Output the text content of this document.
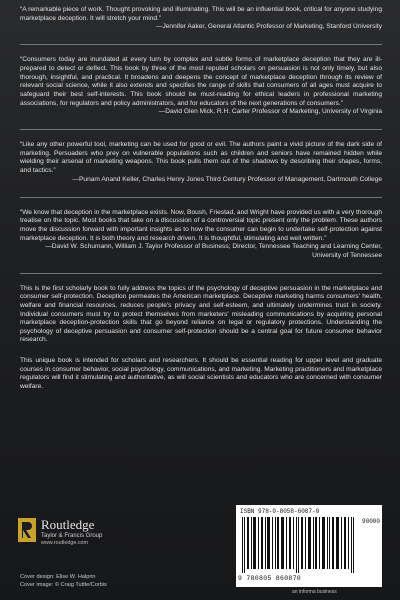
“A remarkable piece of work. Thought provoking and illuminating. This will be an influential book, critical for anyone studying marketplace deception. It will stretch your mind.”

—Jennifer Aaker, General Atlantic Professor of Marketing, Stanford University

“Consumers today are inundated at every turn by complex and subtle forms of marketplace deception that they are ill-prepared to detect or deflect. This book by three of the most reputed scholars on persuasion is not only timely, but also thorough, insightful, and practical. It broadens and deepens the concept of marketplace deception through its review of relevant social science, while it also extends and specifies the range of skills that consumers of all ages must acquire to safeguard their best self-interests. This book should be must-reading for ethical leaders in professional marketing associations, for regulators and policy administrators, and for educators of the next generations of consumers.”

—David Glen Mick, R.H. Carter Professor of Marketing, University of Virginia

“Like any other powerful tool, marketing can be used for good or evil. The authors paint a vivid picture of the dark side of marketing. Persuaders who prey on vulnerable populations such as children and seniors have remained hidden while wielding their arsenal of marketing weapons. This book pulls them out of the shadows by describing their shapes, forms, and tactics.”

—Punam Anand Keller, Charles Henry Jones Third Century Professor of Management, Dartmouth College

“We know that deception in the marketplace exists. Now, Boush, Friestad, and Wright have provided us with a very thorough treatise on the topic. Most books that take on a discussion of a controversial topic present only the problem. These authors move the discussion forward with important insights as to how the consumer can begin to undertake self-protection against marketplace deception. It is both theory and research driven. It is thoughtful, stimulating and well written.”

—David W. Schumann, William J. Taylor Professor of Business; Director, Tennessee Teaching and Learning Center, University of Tennessee

This is the first scholarly book to fully address the topics of the psychology of deceptive persuasion in the marketplace and consumer self-protection. Deception permeates the American marketplace. Deceptive marketing harms consumers' health, welfare and financial resources, reduces people's privacy and self-esteem, and ultimately undermines trust in society. Individual consumers must try to protect themselves from marketers' misleading communications by acquiring personal marketplace deception-protection skills that go beyond reliance on legal or regulatory protections. Understanding the psychology of deceptive persuasion and consumer self-protection should be a central goal for future consumer behavior research.

This unique book is intended for scholars and researchers. It should be essential reading for upper level and graduate courses in consumer behavior, social psychology, communications, and marketing. Marketing practitioners and marketplace regulators will find it stimulating and authoritative, as will social scientists and educators who are concerned with consumer welfare.

Routledge
Taylor & Francis Group
www.routledge.com
Cover design: Elise W. Halprin
Cover image: © Craig Tuttle/Corbis
ISBN 978-0-8058-6087-0
90000
9 780805 860870
an informa business
